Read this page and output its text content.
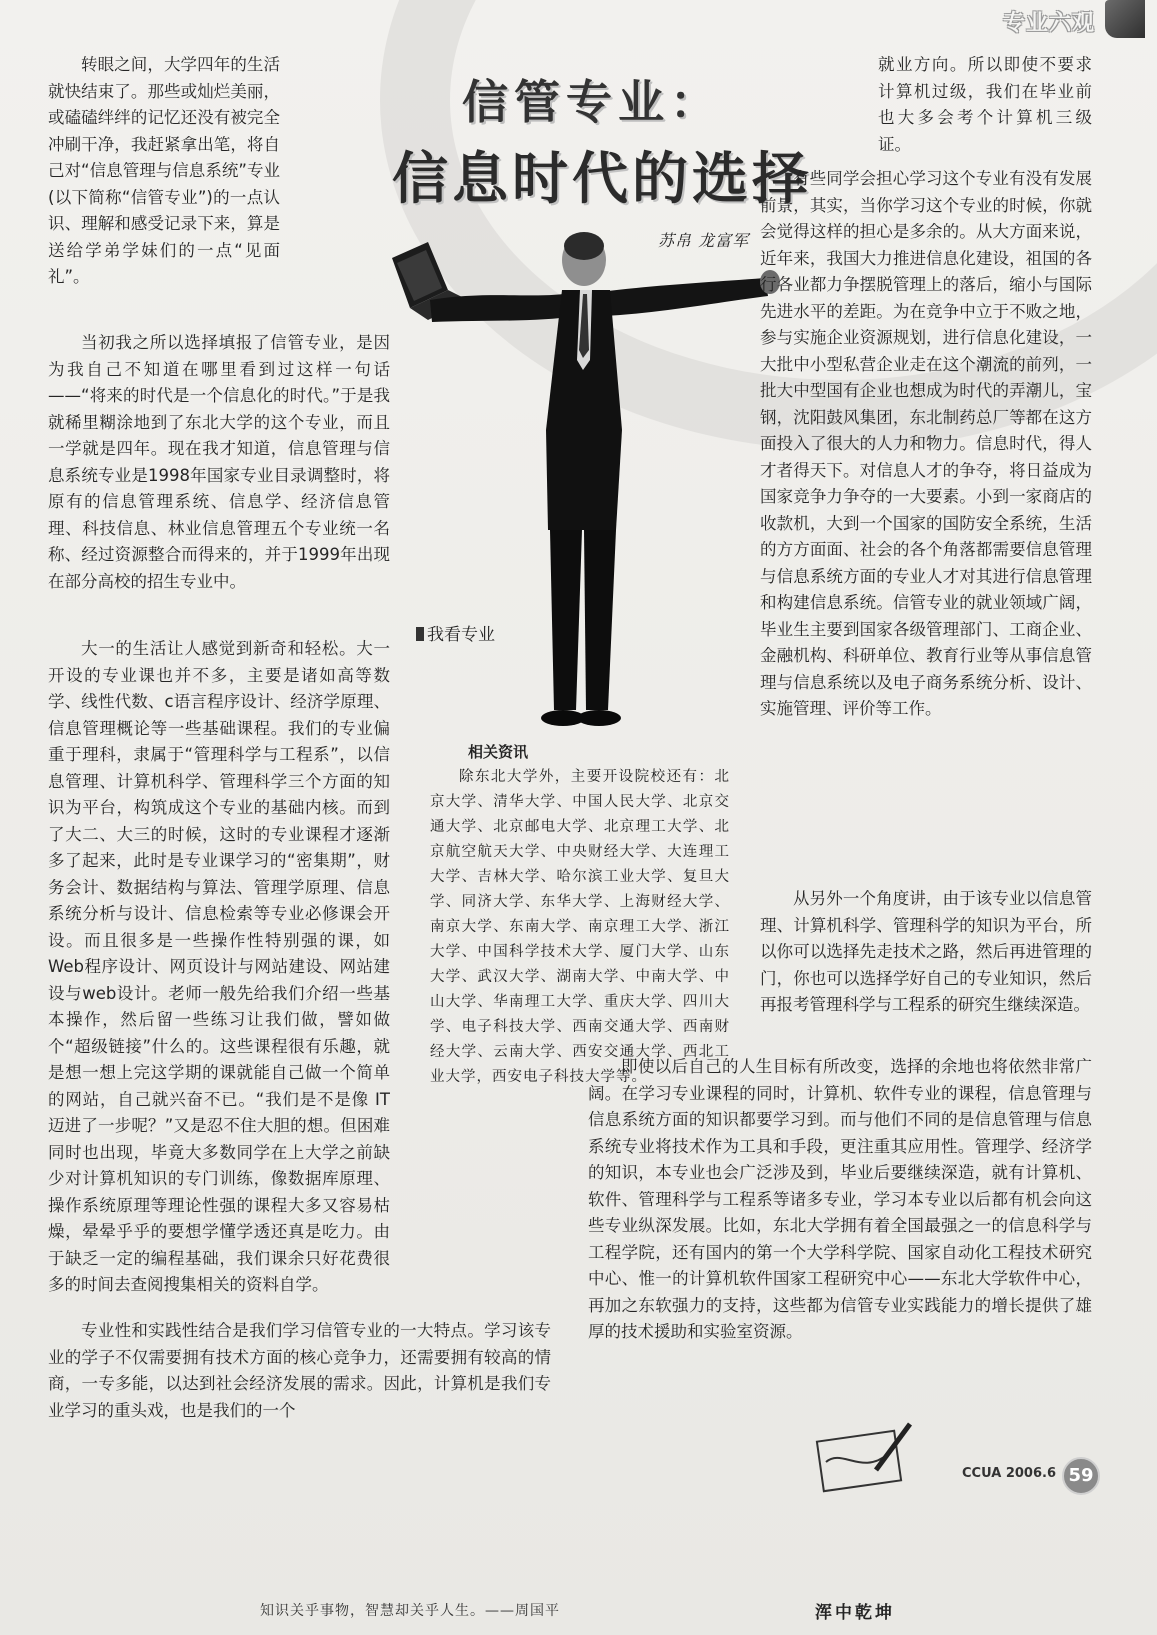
专业六观
信管专业：
信息时代的选择
苏帛 龙富军
我看专业

转眼之间，大学四年的生活就快结束了。那些或灿烂美丽，或磕磕绊绊的记忆还没有被完全冲刷干净，我赶紧拿出笔，将自己对“信息管理与信息系统”专业(以下简称“信管专业”)的一点认识、理解和感受记录下来，算是送给学弟学妹们的一点“见面礼”。

当初我之所以选择填报了信管专业，是因为我自己不知道在哪里看到过这样一句话——“将来的时代是一个信息化的时代。”于是我就稀里糊涂地到了东北大学的这个专业，而且一学就是四年。现在我才知道，信息管理与信息系统专业是1998年国家专业目录调整时，将原有的信息管理系统、信息学、经济信息管理、科技信息、林业信息管理五个专业统一名称、经过资源整合而得来的，并于1999年出现在部分高校的招生专业中。

大一的生活让人感觉到新奇和轻松。大一开设的专业课也并不多，主要是诸如高等数学、线性代数、c语言程序设计、经济学原理、信息管理概论等一些基础课程。我们的专业偏重于理科，隶属于“管理科学与工程系”，以信息管理、计算机科学、管理科学三个方面的知识为平台，构筑成这个专业的基础内核。而到了大二、大三的时候，这时的专业课程才逐渐多了起来，此时是专业课学习的“密集期”，财务会计、数据结构与算法、管理学原理、信息系统分析与设计、信息检索等专业必修课会开设。而且很多是一些操作性特别强的课，如Web程序设计、网页设计与网站建设、网站建设与web设计。老师一般先给我们介绍一些基本操作，然后留一些练习让我们做，譬如做个“超级链接”什么的。这些课程很有乐趣，就是想一想上完这学期的课就能自己做一个简单的网站，自己就兴奋不已。“我们是不是像 IT 迈进了一步呢？”又是忍不住大胆的想。但困难同时也出现，毕竟大多数同学在上大学之前缺少对计算机知识的专门训练，像数据库原理、操作系统原理等理论性强的课程大多又容易枯燥，晕晕乎乎的要想学懂学透还真是吃力。由于缺乏一定的编程基础，我们课余只好花费很多的时间去查阅搜集相关的资料自学。

专业性和实践性结合是我们学习信管专业的一大特点。学习该专业的学子不仅需要拥有技术方面的核心竞争力，还需要拥有较高的情商，一专多能，以达到社会经济发展的需求。因此，计算机是我们专业学习的重头戏，也是我们的一个

相关资讯

除东北大学外，主要开设院校还有：北京大学、清华大学、中国人民大学、北京交通大学、北京邮电大学、北京理工大学、北京航空航天大学、中央财经大学、大连理工大学、吉林大学、哈尔滨工业大学、复旦大学、同济大学、东华大学、上海财经大学、南京大学、东南大学、南京理工大学、浙江大学、中国科学技术大学、厦门大学、山东大学、武汉大学、湖南大学、中南大学、中山大学、华南理工大学、重庆大学、四川大学、电子科技大学、西南交通大学、西南财经大学、云南大学、西安交通大学、西北工业大学，西安电子科技大学等。

就业方向。所以即使不要求计算机过级，我们在毕业前也大多会考个计算机三级证。

有些同学会担心学习这个专业有没有发展前景，其实，当你学习这个专业的时候，你就会觉得这样的担心是多余的。从大方面来说，近年来，我国大力推进信息化建设，祖国的各行各业都力争摆脱管理上的落后，缩小与国际先进水平的差距。为在竞争中立于不败之地，参与实施企业资源规划，进行信息化建设，一大批中小型私营企业走在这个潮流的前列，一批大中型国有企业也想成为时代的弄潮儿，宝钢，沈阳鼓风集团，东北制药总厂等都在这方面投入了很大的人力和物力。信息时代，得人才者得天下。对信息人才的争夺，将日益成为国家竞争力争夺的一大要素。小到一家商店的收款机，大到一个国家的国防安全系统，生活的方方面面、社会的各个角落都需要信息管理与信息系统方面的专业人才对其进行信息管理和构建信息系统。信管专业的就业领域广阔，毕业生主要到国家各级管理部门、工商企业、金融机构、科研单位、教育行业等从事信息管理与信息系统以及电子商务系统分析、设计、实施管理、评价等工作。

从另外一个角度讲，由于该专业以信息管理、计算机科学、管理科学的知识为平台，所以你可以选择先走技术之路，然后再进管理的门，你也可以选择学好自己的专业知识，然后再报考管理科学与工程系的研究生继续深造。

即使以后自己的人生目标有所改变，选择的余地也将依然非常广阔。在学习专业课程的同时，计算机、软件专业的课程，信息管理与信息系统方面的知识都要学习到。而与他们不同的是信息管理与信息系统专业将技术作为工具和手段，更注重其应用性。管理学、经济学的知识，本专业也会广泛涉及到，毕业后要继续深造，就有计算机、软件、管理科学与工程系等诸多专业，学习本专业以后都有机会向这些专业纵深发展。比如，东北大学拥有着全国最强之一的信息科学与工程学院，还有国内的第一个大学科学院、国家自动化工程技术研究中心、惟一的计算机软件国家工程研究中心——东北大学软件中心，再加之东软强力的支持，这些都为信管专业实践能力的增长提供了雄厚的技术援助和实验室资源。

CCUA 2006.6 59
知识关乎事物，智慧却关乎人生。——周国平	浑中乾坤
